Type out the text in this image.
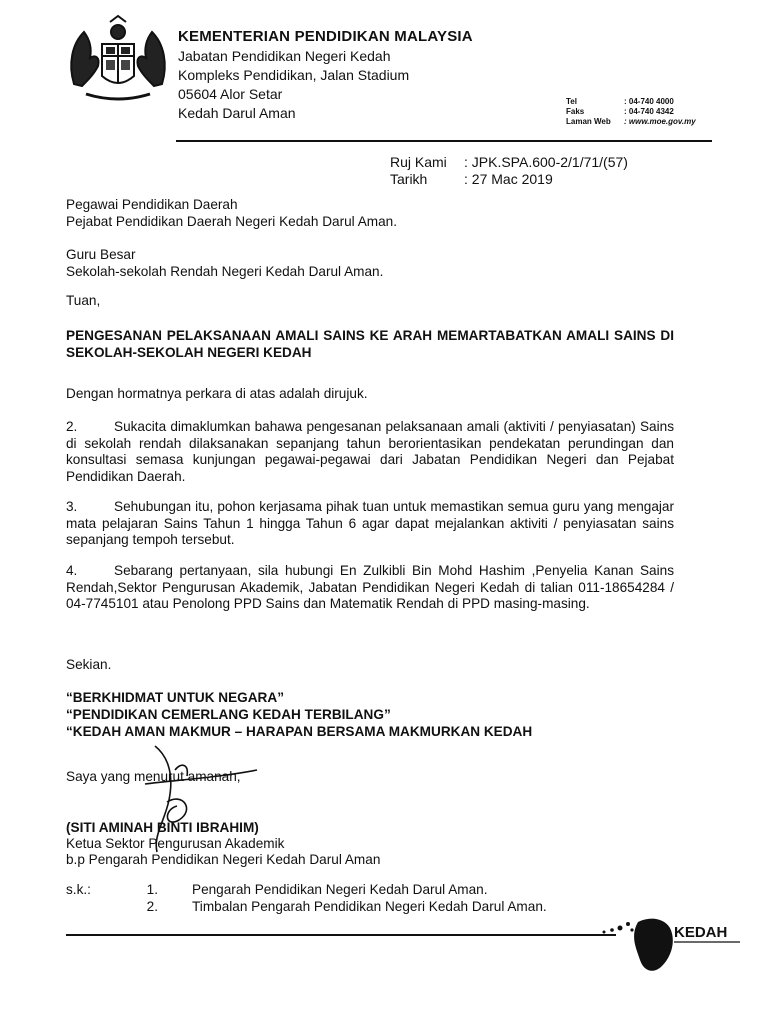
KEMENTERIAN PENDIDIKAN MALAYSIA
Jabatan Pendidikan Negeri Kedah
Kompleks Pendidikan, Jalan Stadium
05604 Alor Setar
Kedah Darul Aman
Tel	: 04-740 4000
Faks	: 04-740 4342
Laman Web	: www.moe.gov.my
Ruj Kami	: JPK.SPA.600-2/1/71/(57)
Tarikh	: 27 Mac 2019
Pegawai Pendidikan Daerah
Pejabat Pendidikan Daerah Negeri Kedah Darul Aman.
Guru Besar
Sekolah-sekolah Rendah Negeri Kedah Darul Aman.
Tuan,
PENGESANAN PELAKSANAAN AMALI SAINS KE ARAH MEMARTABATKAN AMALI SAINS DI SEKOLAH-SEKOLAH NEGERI KEDAH
Dengan hormatnya perkara di atas adalah dirujuk.
2.	Sukacita dimaklumkan bahawa pengesanan pelaksanaan amali (aktiviti / penyiasatan) Sains di sekolah rendah dilaksanakan sepanjang tahun berorientasikan pendekatan perundingan dan konsultasi semasa kunjungan pegawai-pegawai dari Jabatan Pendidikan Negeri dan Pejabat Pendidikan Daerah.
3.	Sehubungan itu, pohon kerjasama pihak tuan untuk memastikan semua guru yang mengajar mata pelajaran Sains Tahun 1 hingga Tahun 6 agar dapat mejalankan aktiviti / penyiasatan sains sepanjang tempoh tersebut.
4.	Sebarang pertanyaan, sila hubungi En Zulkibli Bin Mohd Hashim ,Penyelia Kanan Sains Rendah,Sektor Pengurusan Akademik, Jabatan Pendidikan Negeri Kedah di talian 011-18654284 / 04-7745101 atau Penolong PPD Sains dan Matematik Rendah di PPD masing-masing.
Sekian.
“BERKHIDMAT UNTUK NEGARA”
“PENDIDIKAN CEMERLANG KEDAH TERBILANG”
“KEDAH AMAN MAKMUR – HARAPAN BERSAMA MAKMURKAN KEDAH
Saya yang menurut amanah,
(SITI AMINAH BINTI IBRAHIM)
Ketua Sektor Pengurusan Akademik
b.p Pengarah Pendidikan Negeri Kedah Darul Aman
s.k.:	1.	Pengarah Pendidikan Negeri Kedah Darul Aman.
2.	Timbalan Pengarah Pendidikan Negeri Kedah Darul Aman.
KEDAH
